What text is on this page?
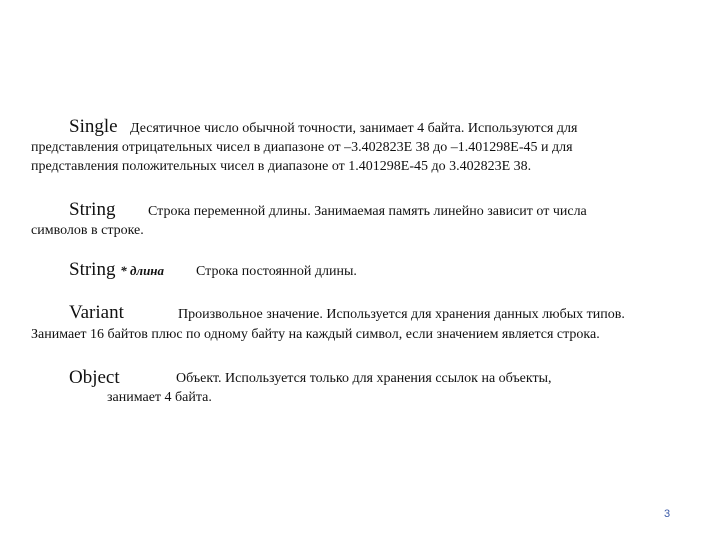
Single Десятичное число обычной точности, занимает 4 байта. Используются для
представления отрицательных чисел в диапазоне от –3.402823E 38 до –1.401298E-45 и для
представления положительных чисел в диапазоне от 1.401298E-45 до 3.402823E 38.
String Строка переменной длины. Занимаемая память линейно зависит от числа
символов в строке.
String * длина Строка постоянной длины.
Variant	Произвольное значение. Используется для хранения данных любых типов.
Занимает 16 байтов плюс по одному байту на каждый символ, если значением является строка.
Object	Объект. Используется только для хранения ссылок на объекты,
занимает 4 байта.
3
